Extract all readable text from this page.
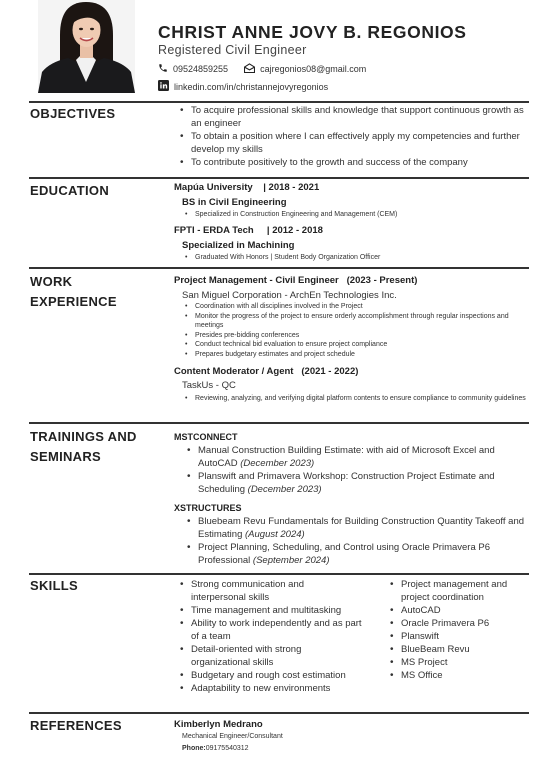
CHRIST ANNE JOVY B. REGONIOS
Registered Civil Engineer
09524859255	cajregonios08@gmail.com
linkedin.com/in/christannejovyregonios
OBJECTIVES	• To acquire professional skills and knowledge that support continuous growth as an engineer
• To obtain a position where I can effectively apply my competencies and further develop my skills
• To contribute positively to the growth and success of the company
EDUCATION	Mapúa University | 2018 - 2021
BS in Civil Engineering
• Specialized in Construction Engineering and Management (CEM)
FPTI - ERDA Tech | 2012 - 2018
Specialized in Machining
• Graduated With Honors | Student Body Organization Officer
WORK
EXPERIENCE
Project Management - Civil Engineer (2023 - Present)
San Miguel Corporation - ArchEn Technologies Inc.
• Coordination with all disciplines involved in the Project
• Monitor the progress of the project to ensure orderly accomplishment through regular inspections and meetings
• Presides pre-bidding conferences
• Conduct technical bid evaluation to ensure project compliance
• Prepares budgetary estimates and project schedule
Content Moderator / Agent (2021 - 2022)
TaskUs - QC
• Reviewing, analyzing, and verifying digital platform contents to ensure compliance to community guidelines
TRAININGS AND
SEMINARS
MSTCONNECT
• Manual Construction Building Estimate: with aid of Microsoft Excel and AutoCAD (December 2023)
• Planswift and Primavera Workshop: Construction Project Estimate and Scheduling (December 2023)
XSTRUCTURES
• Bluebeam Revu Fundamentals for Building Construction Quantity Takeoff and Estimating (August 2024)
• Project Planning, Scheduling, and Control using Oracle Primavera P6 Professional (September 2024)
SKILLS	• Strong communication and interpersonal skills
• Time management and multitasking
• Ability to work independently and as part of a team
• Detail-oriented with strong organizational skills
• Budgetary and rough cost estimation
• Adaptability to new environments
• Project management and project coordination
• AutoCAD
• Oracle Primavera P6
• Planswift
• BlueBeam Revu
• MS Project
• MS Office
REFERENCES	Kimberlyn Medrano
Mechanical Engineer/Consultant
Phone:09175540312
